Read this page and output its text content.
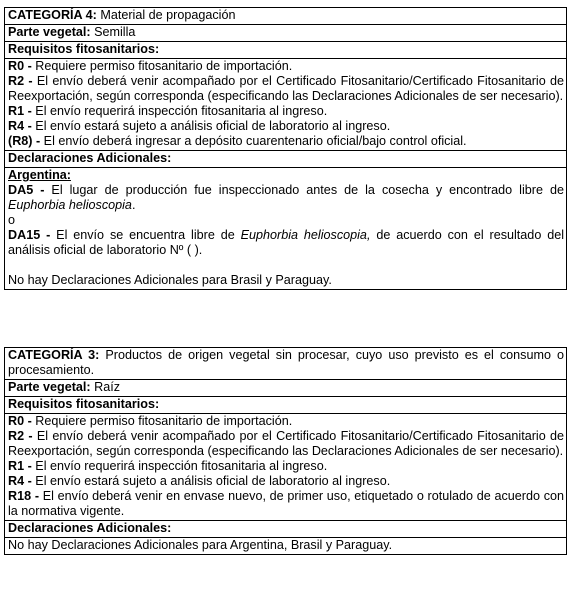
CATEGORÍA 4: Material de propagación
Parte vegetal: Semilla
Requisitos fitosanitarios:

R0 - Requiere permiso fitosanitario de importación.
R2 - El envío deberá venir acompañado por el Certificado Fitosanitario/Certificado Fitosanitario de Reexportación, según corresponda (especificando las Declaraciones Adicionales de ser necesario).
R1 - El envío requerirá inspección fitosanitaria al ingreso.
R4 - El envío estará sujeto a análisis oficial de laboratorio al ingreso.
(R8) - El envío deberá ingresar a depósito cuarentenario oficial/bajo control oficial.

Declaraciones Adicionales:

Argentina:
DA5 - El lugar de producción fue inspeccionado antes de la cosecha y encontrado libre de Euphorbia helioscopia.
o
DA15 - El envío se encuentra libre de Euphorbia helioscopia, de acuerdo con el resultado del análisis oficial de laboratorio Nº ( ).
No hay Declaraciones Adicionales para Brasil y Paraguay.
CATEGORÍA 3: Productos de origen vegetal sin procesar, cuyo uso previsto es el consumo o procesamiento.
Parte vegetal: Raíz
Requisitos fitosanitarios:

R0 - Requiere permiso fitosanitario de importación.
R2 - El envío deberá venir acompañado por el Certificado Fitosanitario/Certificado Fitosanitario de Reexportación, según corresponda (especificando las Declaraciones Adicionales de ser necesario).
R1 - El envío requerirá inspección fitosanitaria al ingreso.
R4 - El envío estará sujeto a análisis oficial de laboratorio al ingreso.
R18 - El envío deberá venir en envase nuevo, de primer uso, etiquetado o rotulado de acuerdo con la normativa vigente.

Declaraciones Adicionales:
No hay Declaraciones Adicionales para Argentina, Brasil y Paraguay.
